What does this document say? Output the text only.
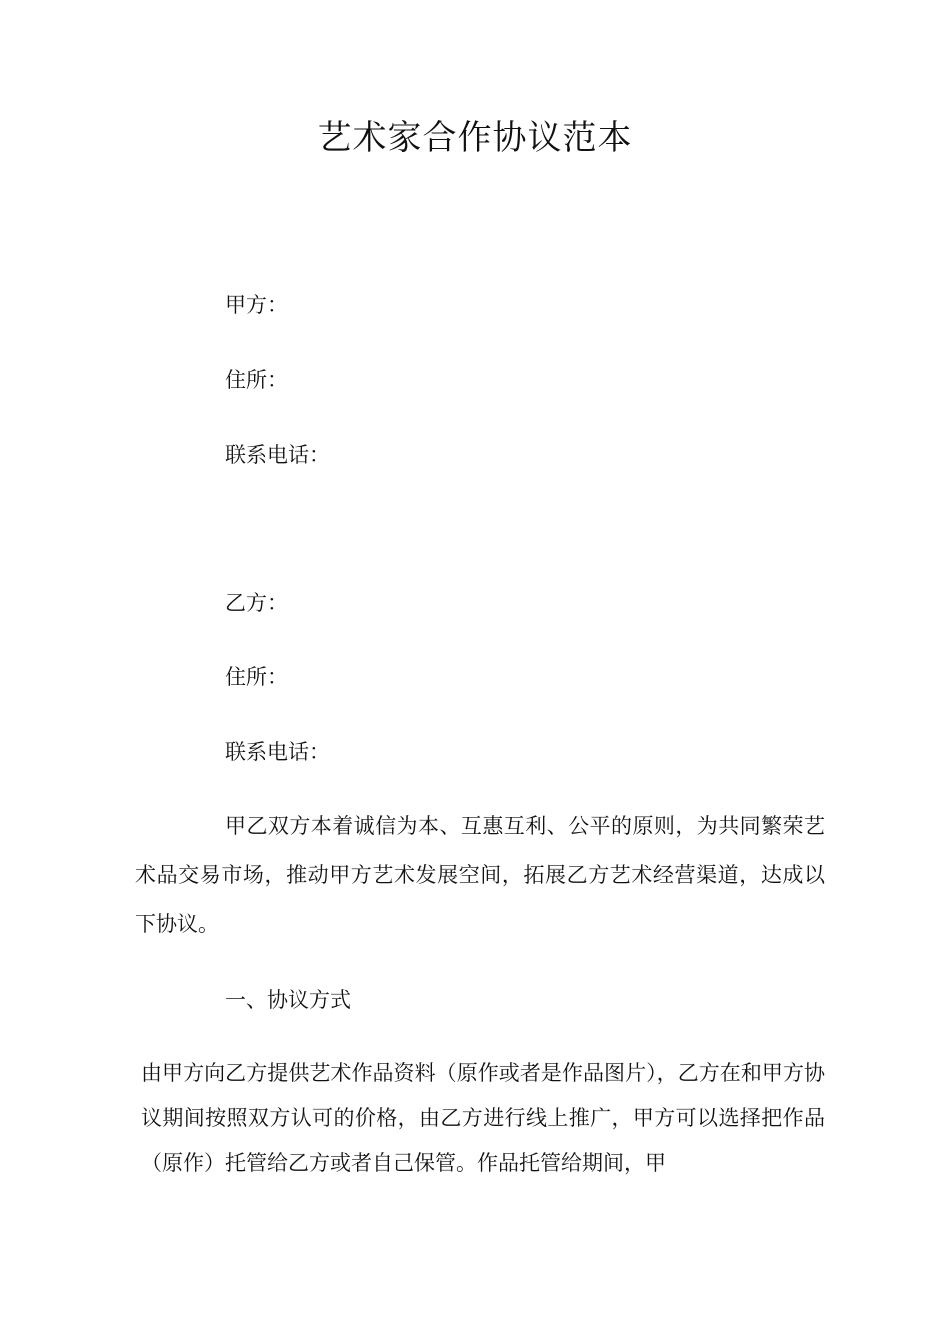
艺术家合作协议范本
甲方：
住所：
联系电话：
乙方：
住所：
联系电话：

甲乙双方本着诚信为本、互惠互利、公平的原则，为共同繁荣艺术品交易市场，推动甲方艺术发展空间，拓展乙方艺术经营渠道，达成以下协议。

一、协议方式

由甲方向乙方提供艺术作品资料（原作或者是作品图片），乙方在和甲方协议期间按照双方认可的价格，由乙方进行线上推广，甲方可以选择把作品（原作）托管给乙方或者自己保管。作品托管给期间，甲
